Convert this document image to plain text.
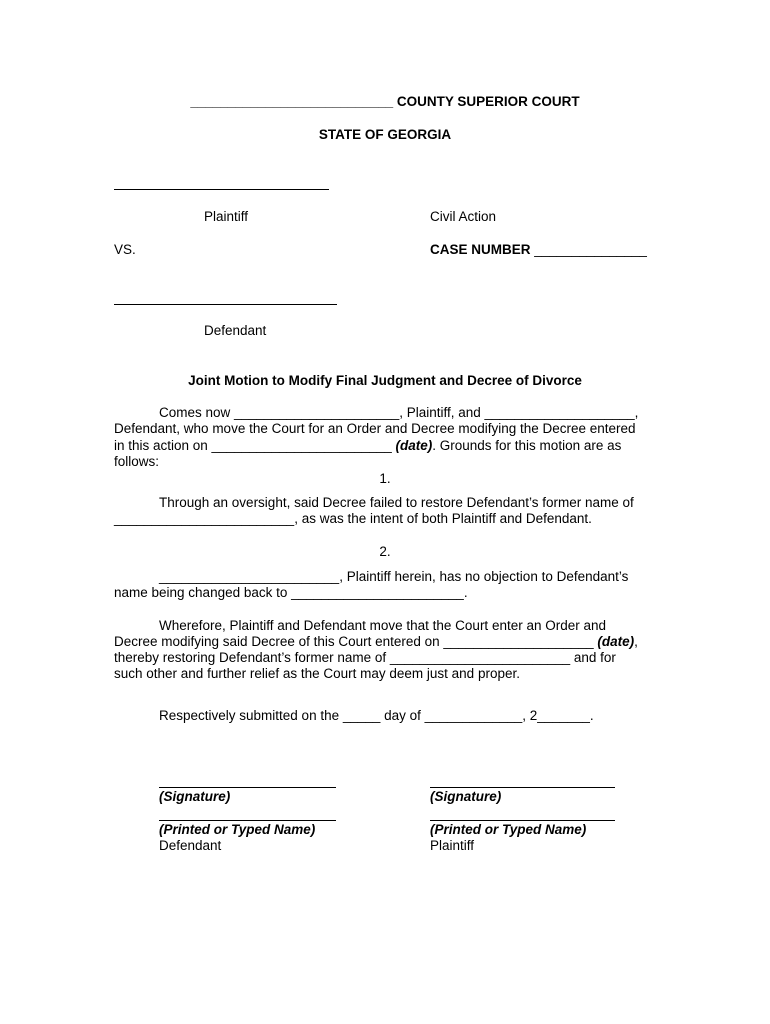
___________________________ COUNTY SUPERIOR COURT
STATE OF GEORGIA
Plaintiff	Civil Action
VS.	CASE NUMBER _______________
Defendant
Joint Motion to Modify Final Judgment and Decree of Divorce
Comes now ______________________, Plaintiff, and ____________________,
Defendant, who move the Court for an Order and Decree modifying the Decree entered
in this action on ________________________ (date). Grounds for this motion are as
follows:
1.
Through an oversight, said Decree failed to restore Defendant’s former name of
________________________, as was the intent of both Plaintiff and Defendant.
2.
________________________, Plaintiff herein, has no objection to Defendant’s
name being changed back to _______________________.
Wherefore, Plaintiff and Defendant move that the Court enter an Order and
Decree modifying said Decree of this Court entered on ____________________ (date),
thereby restoring Defendant’s former name of ________________________ and for
such other and further relief as the Court may deem just and proper.
Respectively submitted on the _____ day of _____________, 2_______.
(Signature)
(Printed or Typed Name)
Defendant
(Signature)
(Printed or Typed Name)
Plaintiff
